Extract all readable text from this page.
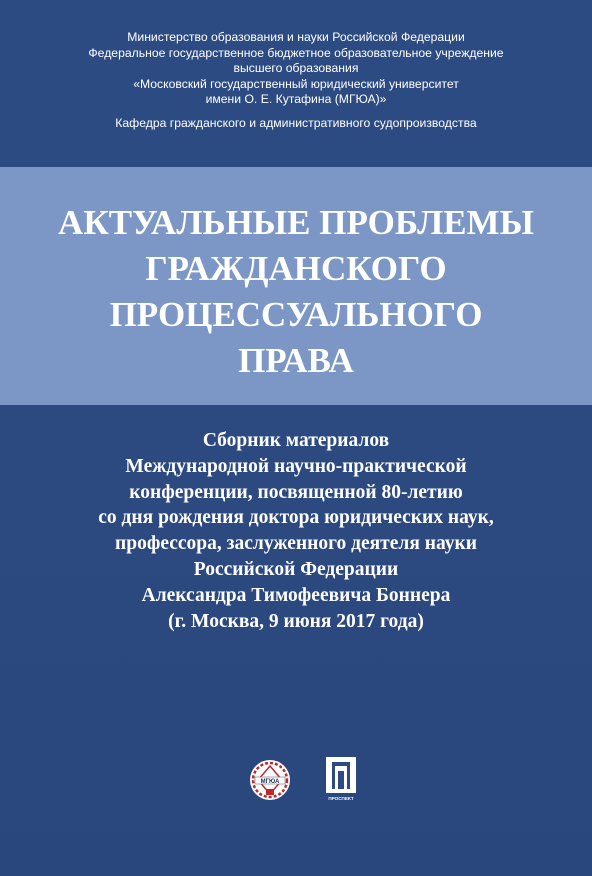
Министерство образования и науки Российской Федерации
Федеральное государственное бюджетное образовательное учреждение
высшего образования
«Московский государственный юридический университет
имени О. Е. Кутафина (МГЮА)»
Кафедра гражданского и административного судопроизводства
АКТУАЛЬНЫЕ ПРОБЛЕМЫ
ГРАЖДАНСКОГО
ПРОЦЕССУАЛЬНОГО
ПРАВА
Сборник материалов
Международной научно-практической
конференции, посвященной 80-летию
со дня рождения доктора юридических наук,
профессора, заслуженного деятеля науки
Российской Федерации
Александра Тимофеевича Боннера
(г. Москва, 9 июня 2017 года)
МГЮА
ПРОСПЕКТ
